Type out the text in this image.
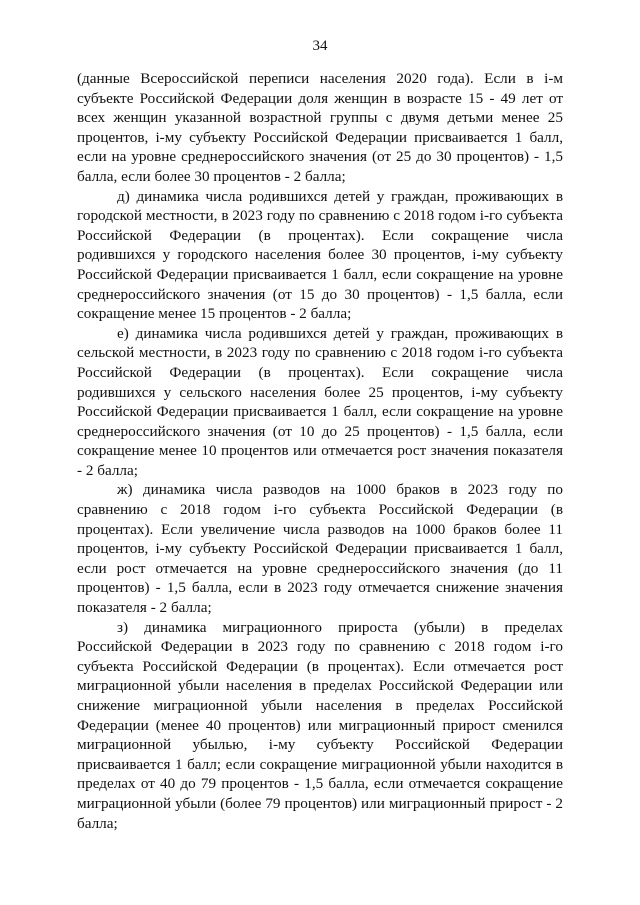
34

(данные Всероссийской переписи населения 2020 года). Если в i-м субъекте Российской Федерации доля женщин в возрасте 15 - 49 лет от всех женщин указанной возрастной группы с двумя детьми менее 25 процентов, i-му субъекту Российской Федерации присваивается 1 балл, если на уровне среднероссийского значения (от 25 до 30 процентов) - 1,5 балла, если более 30 процентов - 2 балла;

д) динамика числа родившихся детей у граждан, проживающих в городской местности, в 2023 году по сравнению с 2018 годом i-го субъекта Российской Федерации (в процентах). Если сокращение числа родившихся у городского населения более 30 процентов, i-му субъекту Российской Федерации присваивается 1 балл, если сокращение на уровне среднероссийского значения (от 15 до 30 процентов) - 1,5 балла, если сокращение менее 15 процентов - 2 балла;

е) динамика числа родившихся детей у граждан, проживающих в сельской местности, в 2023 году по сравнению с 2018 годом i-го субъекта Российской Федерации (в процентах). Если сокращение числа родившихся у сельского населения более 25 процентов, i-му субъекту Российской Федерации присваивается 1 балл, если сокращение на уровне среднероссийского значения (от 10 до 25 процентов) - 1,5 балла, если сокращение менее 10 процентов или отмечается рост значения показателя - 2 балла;

ж) динамика числа разводов на 1000 браков в 2023 году по сравнению с 2018 годом i-го субъекта Российской Федерации (в процентах). Если увеличение числа разводов на 1000 браков более 11 процентов, i-му субъекту Российской Федерации присваивается 1 балл, если рост отмечается на уровне среднероссийского значения (до 11 процентов) - 1,5 балла, если в 2023 году отмечается снижение значения показателя - 2 балла;

з) динамика миграционного прироста (убыли) в пределах Российской Федерации в 2023 году по сравнению с 2018 годом i-го субъекта Российской Федерации (в процентах). Если отмечается рост миграционной убыли населения в пределах Российской Федерации или снижение миграционной убыли населения в пределах Российской Федерации (менее 40 процентов) или миграционный прирост сменился миграционной убылью, i-му субъекту Российской Федерации присваивается 1 балл; если сокращение миграционной убыли находится в пределах от 40 до 79 процентов - 1,5 балла, если отмечается сокращение миграционной убыли (более 79 процентов) или миграционный прирост - 2 балла;
